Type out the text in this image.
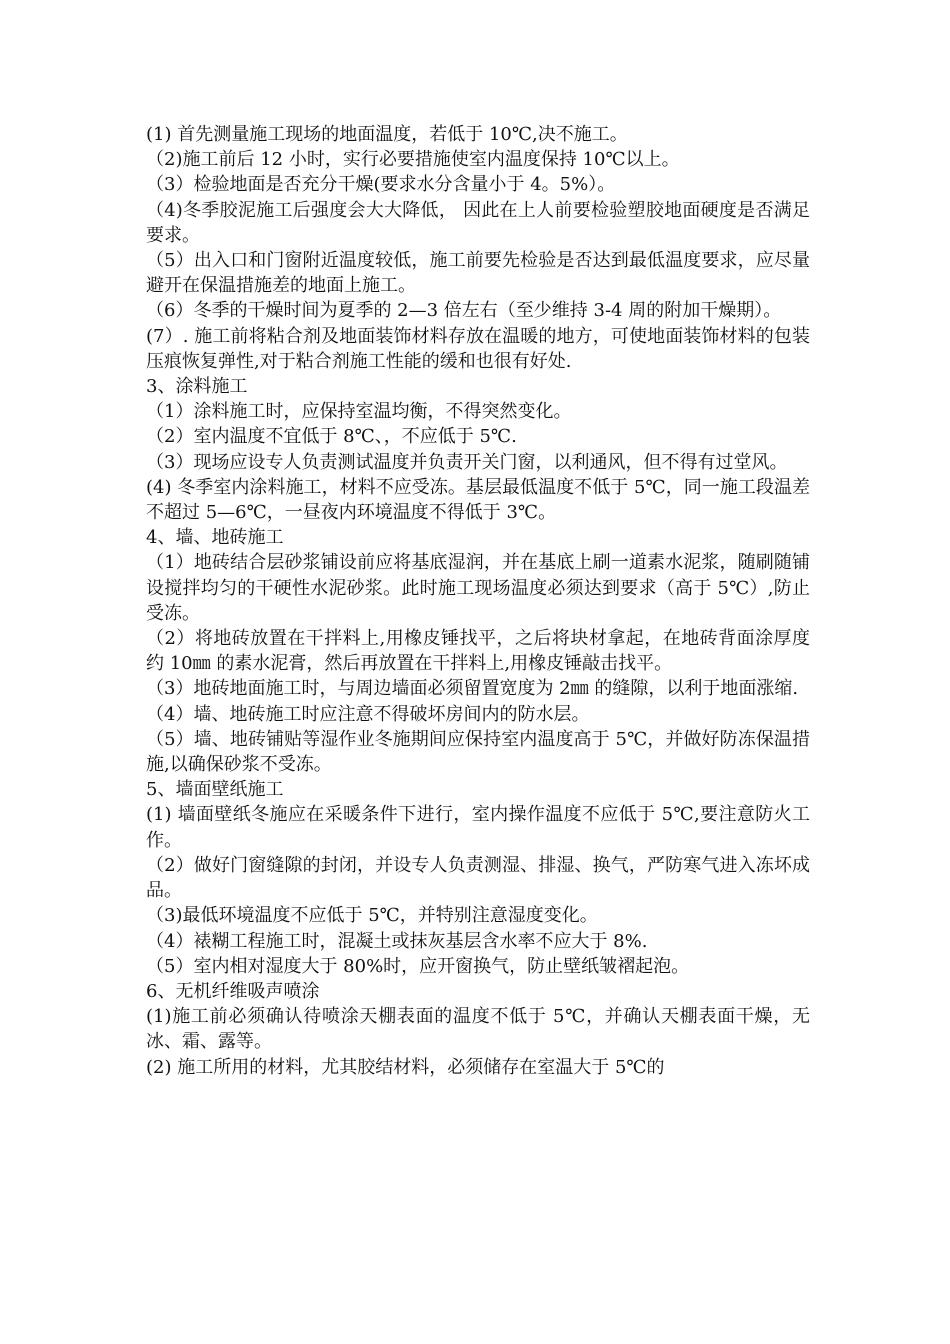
(1) 首先测量施工现场的地面温度，若低于 10℃,决不施工。

（2)施工前后 12 小时，实行必要措施使室内温度保持 10℃以上。

（3）检验地面是否充分干燥(要求水分含量小于 4。5%）。

（4)冬季胶泥施工后强度会大大降低， 因此在上人前要检验塑胶地面硬度是否满足要求。

（5）出入口和门窗附近温度较低，施工前要先检验是否达到最低温度要求，应尽量避开在保温措施差的地面上施工。

（6）冬季的干燥时间为夏季的 2—3 倍左右（至少维持 3-4 周的附加干燥期）。

(7）. 施工前将粘合剂及地面装饰材料存放在温暖的地方，可使地面装饰材料的包装压痕恢复弹性,对于粘合剂施工性能的缓和也很有好处.

3、涂料施工

（1）涂料施工时，应保持室温均衡，不得突然变化。

（2）室内温度不宜低于 8℃、，不应低于 5℃.

（3）现场应设专人负责测试温度并负责开关门窗，以利通风，但不得有过堂风。

(4) 冬季室内涂料施工，材料不应受冻。基层最低温度不低于 5℃，同一施工段温差不超过 5—6℃，一昼夜内环境温度不得低于 3℃。

4、墙、地砖施工

（1）地砖结合层砂浆铺设前应将基底湿润，并在基底上刷一道素水泥浆，随刷随铺设搅拌均匀的干硬性水泥砂浆。此时施工现场温度必须达到要求（高于 5℃）,防止受冻。

（2）将地砖放置在干拌料上,用橡皮锤找平，之后将块材拿起，在地砖背面涂厚度约 10㎜ 的素水泥膏，然后再放置在干拌料上,用橡皮锤敲击找平。

（3）地砖地面施工时，与周边墙面必须留置宽度为 2㎜ 的缝隙，以利于地面涨缩.

（4）墙、地砖施工时应注意不得破坏房间内的防水层。

（5）墙、地砖铺贴等湿作业冬施期间应保持室内温度高于 5℃，并做好防冻保温措施,以确保砂浆不受冻。

5、墙面壁纸施工

(1) 墙面壁纸冬施应在采暖条件下进行，室内操作温度不应低于 5℃,要注意防火工作。

（2）做好门窗缝隙的封闭，并设专人负责测湿、排湿、换气，严防寒气进入冻坏成品。

（3)最低环境温度不应低于 5℃，并特别注意湿度变化。

（4）裱糊工程施工时，混凝土或抹灰基层含水率不应大于 8%.

（5）室内相对湿度大于 80%时，应开窗换气，防止壁纸皱褶起泡。

6、无机纤维吸声喷涂

(1)施工前必须确认待喷涂天棚表面的温度不低于 5℃，并确认天棚表面干燥，无冰、霜、露等。

(2) 施工所用的材料，尤其胶结材料，必须储存在室温大于 5℃的
